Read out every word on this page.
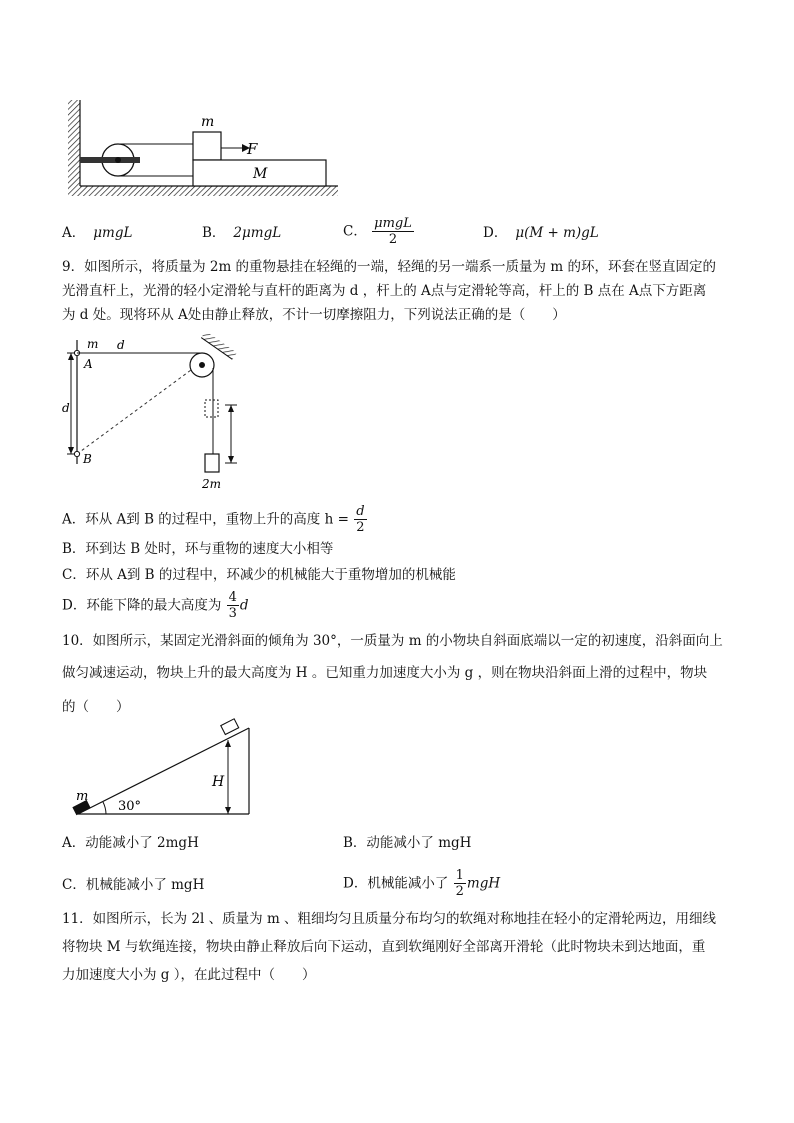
m
F
M
A． μmgL	B． 2μmgL	C． $\frac{\text{μmgL}}{2}$	D． μ(M + m)gL
9．如图所示，将质量为 2m 的重物悬挂在轻绳的一端，轻绳的另一端系一质量为 m 的环，环套在竖直固定的
光滑直杆上，光滑的轻小定滑轮与直杆的距离为 d ，杆上的 A点与定滑轮等高，杆上的 B 点在 A点下方距离
为 d 处。现将环从 A处由静止释放，不计一切摩擦阻力，下列说法正确的是（　　）
m
A
d
2m
d
B
A．环从 A到 B 的过程中，重物上升的高度 $h = \frac{d}{2}$
B．环到达 B 处时，环与重物的速度大小相等
C．环从 A到 B 的过程中，环减少的机械能大于重物增加的机械能
D．环能下降的最大高度为 $\frac{4}{3}$ d
10．如图所示，某固定光滑斜面的倾角为 30°，一质量为 m 的小物块自斜面底端以一定的初速度，沿斜面向上
做匀减速运动，物块上升的最大高度为 H 。已知重力加速度大小为 g ，则在物块沿斜面上滑的过程中，物块
的（　　）
m
30°
H
A．动能减小了 2mgH	B．动能减小了 mgH
C．机械能减小了 mgH	D．机械能减小了 $\frac{1}{2}$ mgH
11．如图所示，长为 2l 、质量为 m 、粗细均匀且质量分布均匀的软绳对称地挂在轻小的定滑轮两边，用细线
将物块 M 与软绳连接，物块由静止释放后向下运动，直到软绳刚好全部离开滑轮（此时物块未到达地面，重
力加速度大小为 g ），在此过程中（　　）
